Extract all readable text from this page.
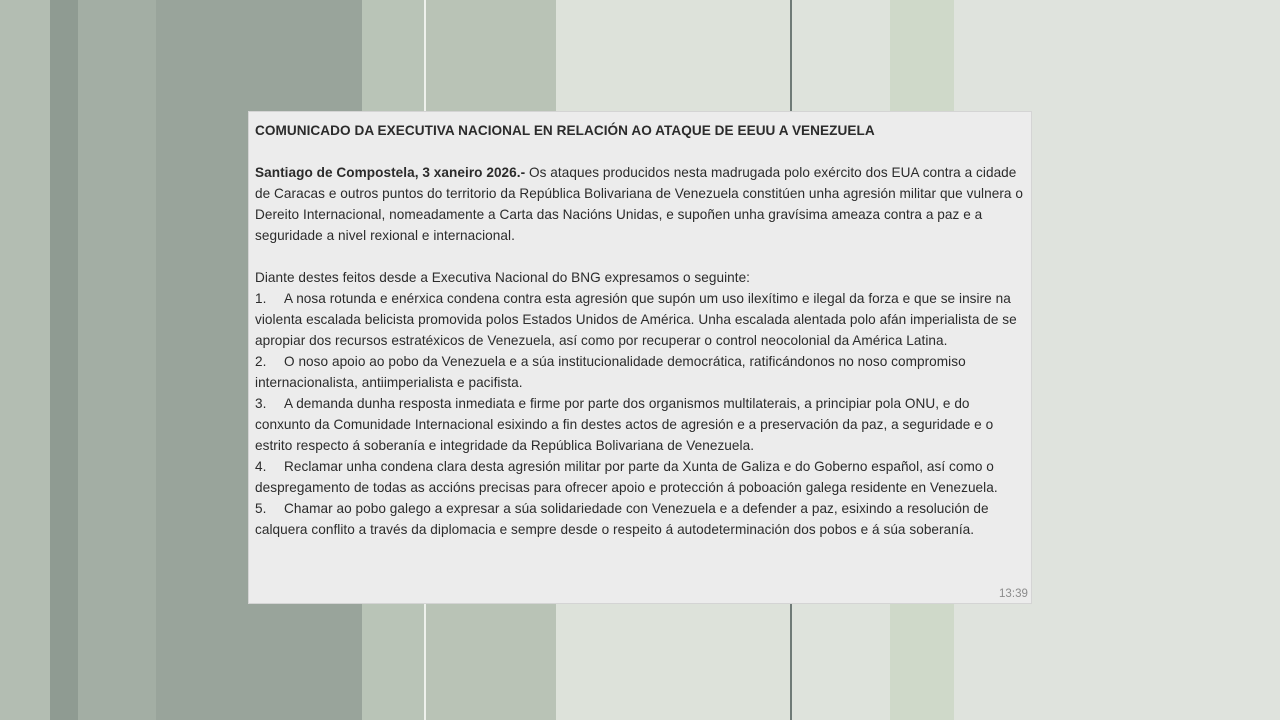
COMUNICADO DA EXECUTIVA NACIONAL EN RELACIÓN AO ATAQUE DE EEUU A VENEZUELA

Santiago de Compostela, 3 xaneiro 2026.- Os ataques producidos nesta madrugada polo exército dos EUA contra a cidade de Caracas e outros puntos do territorio da República Bolivariana de Venezuela constitúen unha agresión militar que vulnera o Dereito Internacional, nomeadamente a Carta das Nacións Unidas, e supoñen unha gravísima ameaza contra a paz e a seguridade a nivel rexional e internacional.

Diante destes feitos desde a Executiva Nacional do BNG expresamos o seguinte:

1. A nosa rotunda e enérxica condena contra esta agresión que supón um uso ilexítimo e ilegal da forza e que se insire na violenta escalada belicista promovida polos Estados Unidos de América. Unha escalada alentada polo afán imperialista de se apropiar dos recursos estratéxicos de Venezuela, así como por recuperar o control neocolonial da América Latina.

2. O noso apoio ao pobo da Venezuela e a súa institucionalidade democrática, ratificándonos no noso compromiso internacionalista, antiimperialista e pacifista.

3. A demanda dunha resposta inmediata e firme por parte dos organismos multilaterais, a principiar pola ONU, e do conxunto da Comunidade Internacional esixindo a fin destes actos de agresión e a preservación da paz, a seguridade e o estrito respecto á soberanía e integridade da República Bolivariana de Venezuela.

4. Reclamar unha condena clara desta agresión militar por parte da Xunta de Galiza e do Goberno español, así como o despregamento de todas as accións precisas para ofrecer apoio e protección á poboación galega residente en Venezuela.

5. Chamar ao pobo galego a expresar a súa solidariedade con Venezuela e a defender a paz, esixindo a resolución de calquera conflito a través da diplomacia e sempre desde o respeito á autodeterminación dos pobos e á súa soberanía.

13:39
